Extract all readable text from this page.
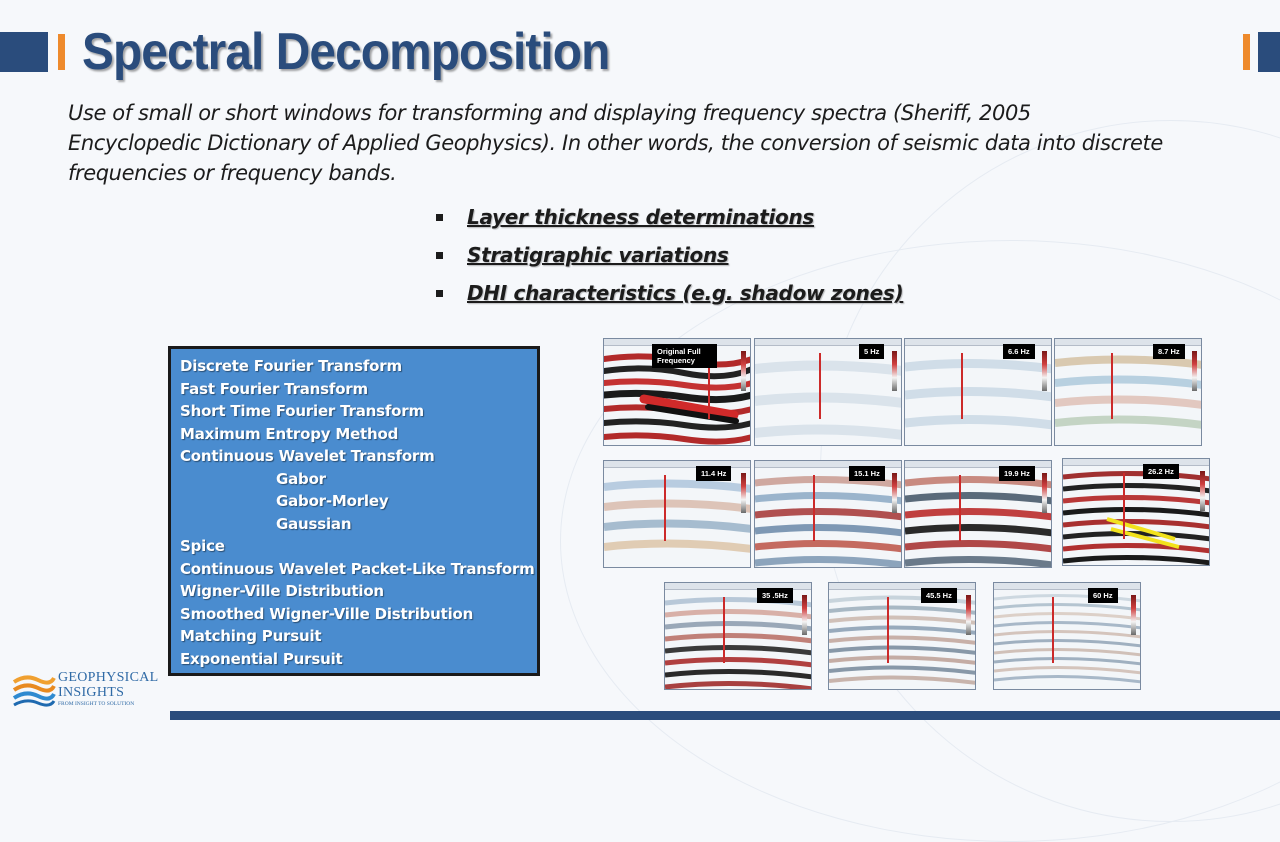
Spectral Decomposition
Use of small or short windows for transforming and displaying frequency spectra (Sheriff, 2005 Encyclopedic Dictionary of Applied Geophysics). In other words, the conversion of seismic data into discrete frequencies or frequency bands.
Layer thickness determinations
Stratigraphic variations
DHI characteristics (e.g. shadow zones)
Discrete Fourier Transform
Fast Fourier Transform
Short Time Fourier Transform
Maximum Entropy Method
Continuous Wavelet Transform
Gabor
Gabor-Morley
Gaussian
Spice
Continuous Wavelet Packet-Like Transform
Wigner-Ville Distribution
Smoothed Wigner-Ville Distribution
Matching Pursuit
Exponential Pursuit
Original Full Frequency
5 Hz	6.6 Hz	8.7 Hz
11.4 Hz	15.1 Hz	19.9 Hz	26.2 Hz
35 .5Hz	45.5 Hz	60 Hz
GEOPHYSICAL
INSIGHTS
FROM INSIGHT TO SOLUTION
